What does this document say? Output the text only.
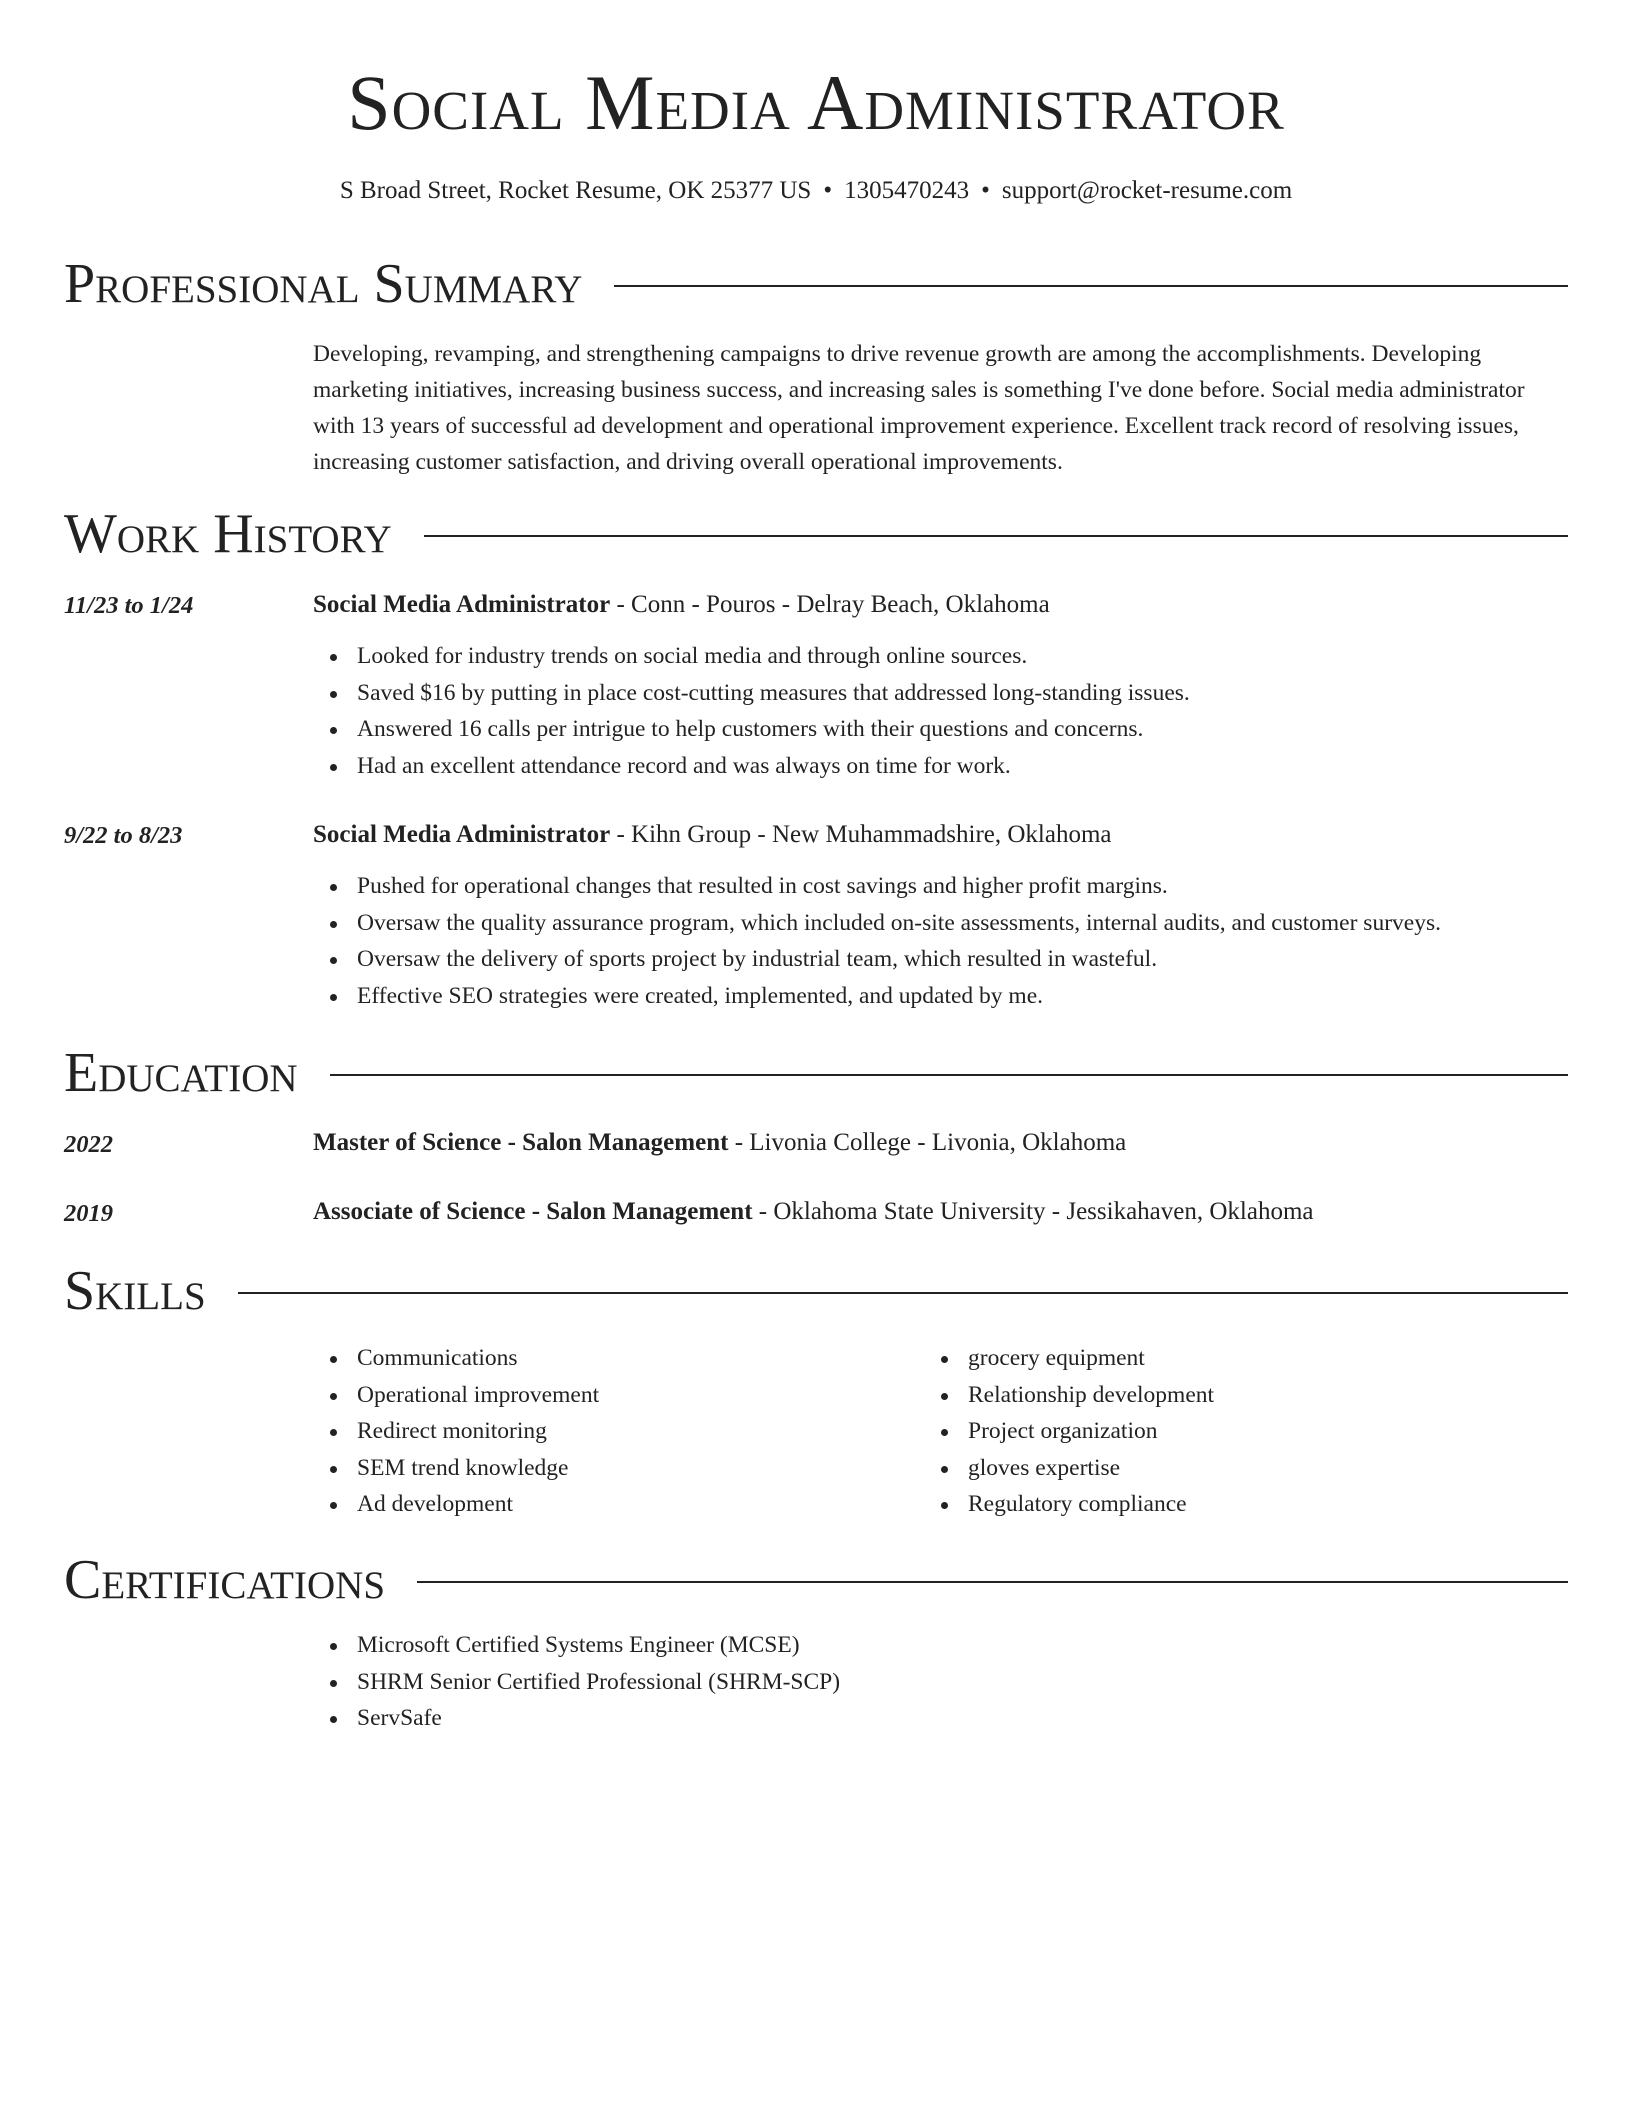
Social Media Administrator
S Broad Street, Rocket Resume, OK 25377 US • 1305470243 • support@rocket-resume.com
Professional Summary
Developing, revamping, and strengthening campaigns to drive revenue growth are among the accomplishments. Developing marketing initiatives, increasing business success, and increasing sales is something I've done before. Social media administrator with 13 years of successful ad development and operational improvement experience. Excellent track record of resolving issues, increasing customer satisfaction, and driving overall operational improvements.
Work History
11/23 to 1/24	Social Media Administrator - Conn - Pouros - Delray Beach, Oklahoma
Looked for industry trends on social media and through online sources.
Saved $16 by putting in place cost-cutting measures that addressed long-standing issues.
Answered 16 calls per intrigue to help customers with their questions and concerns.
Had an excellent attendance record and was always on time for work.
9/22 to 8/23	Social Media Administrator - Kihn Group - New Muhammadshire, Oklahoma
Pushed for operational changes that resulted in cost savings and higher profit margins.
Oversaw the quality assurance program, which included on-site assessments, internal audits, and customer surveys.
Oversaw the delivery of sports project by industrial team, which resulted in wasteful.
Effective SEO strategies were created, implemented, and updated by me.
Education
2022	Master of Science - Salon Management - Livonia College - Livonia, Oklahoma
2019	Associate of Science - Salon Management - Oklahoma State University - Jessikahaven, Oklahoma
Skills
Communications
Operational improvement
Redirect monitoring
SEM trend knowledge
Ad development
grocery equipment
Relationship development
Project organization
gloves expertise
Regulatory compliance
Certifications
Microsoft Certified Systems Engineer (MCSE)
SHRM Senior Certified Professional (SHRM-SCP)
ServSafe
